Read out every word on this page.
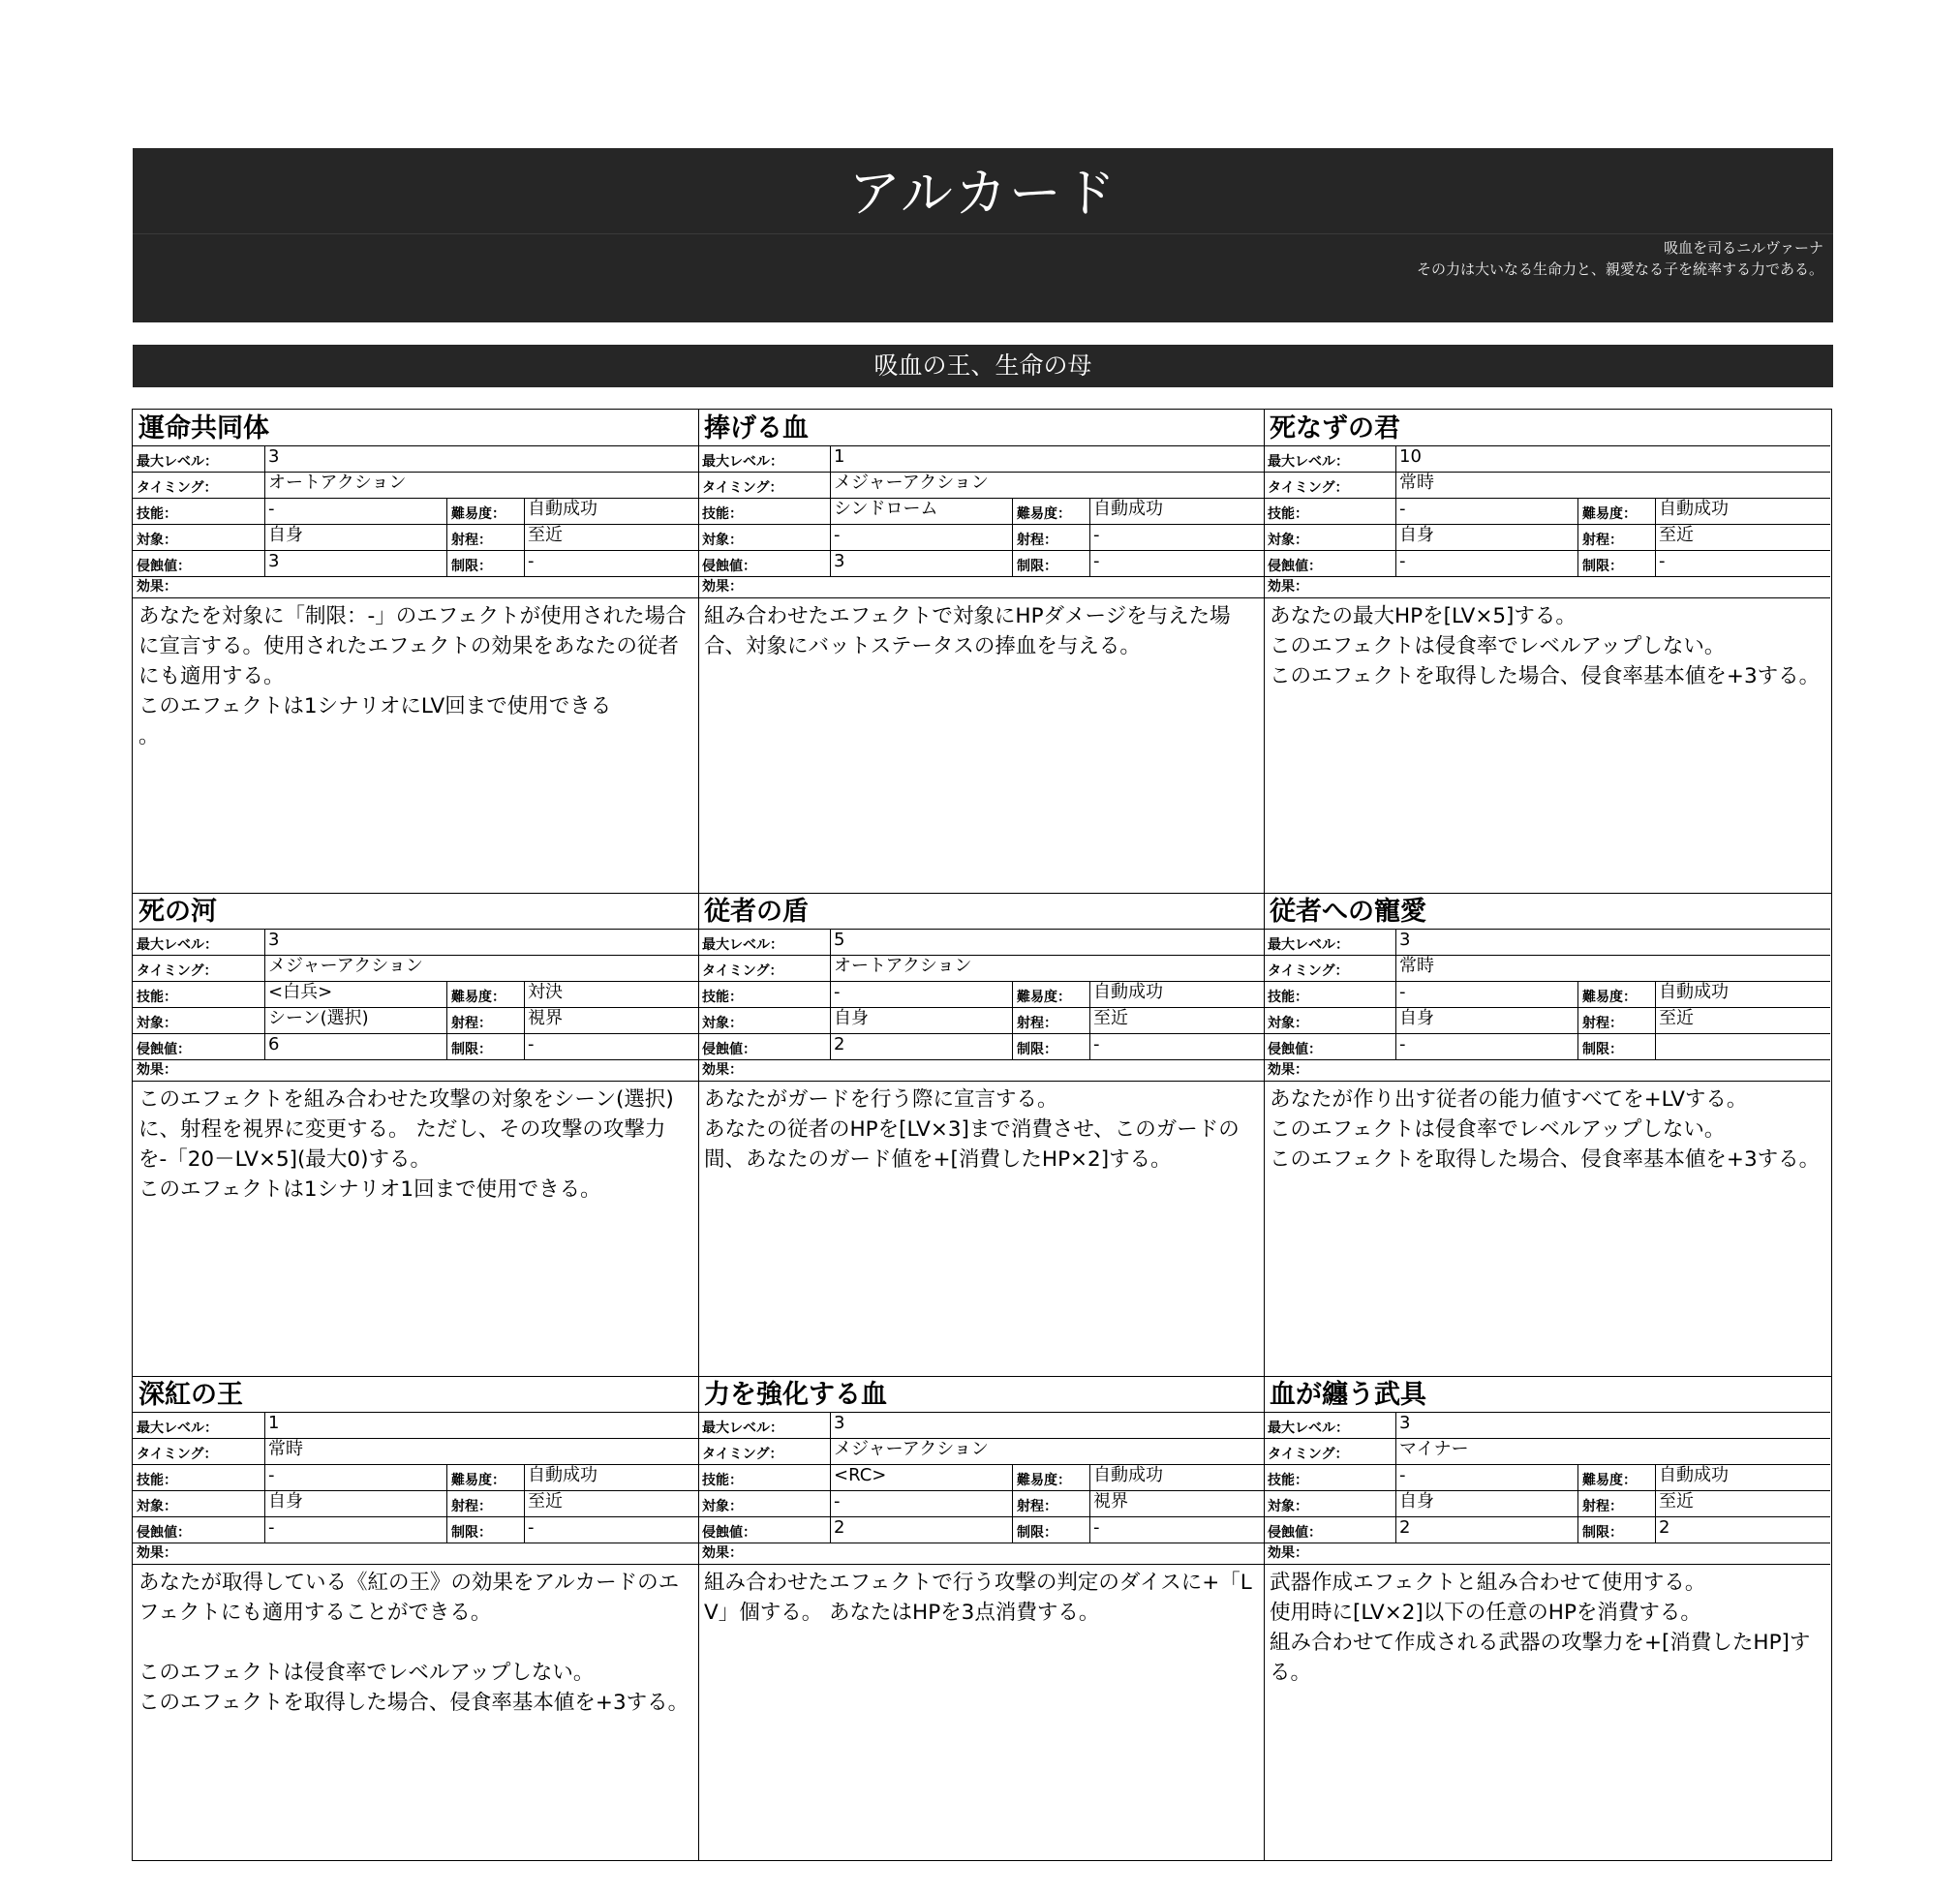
アルカード
吸血を司るニルヴァーナ
その力は大いなる生命力と、親愛なる子を統率する力である。
吸血の王、生命の母
運命共同体
最大レベル：	3
タイミング：	オートアクション
技能：	-	難易度：	自動成功
対象：	自身	射程：	至近
侵蝕値：	3	制限：	-
効果：
あなたを対象に「制限：-」のエフェクトが使用された場合に宣言する。使用されたエフェクトの効果をあなたの従者にも適用する。
このエフェクトは1シナリオにLV回まで使用できる
。
捧げる血
最大レベル：	1
タイミング：	メジャーアクション
技能：	シンドローム	難易度：	自動成功
対象：	-	射程：	-
侵蝕値：	3	制限：	-
効果：
組み合わせたエフェクトで対象にHPダメージを与えた場合、対象にバットステータスの捧血を与える。
死なずの君
最大レベル：	10
タイミング：	常時
技能：	-	難易度：	自動成功
対象：	自身	射程：	至近
侵蝕値：	-	制限：	-
効果：
あなたの最大HPを[LV×5]する。
このエフェクトは侵食率でレベルアップしない。
このエフェクトを取得した場合、侵食率基本値を+3する。
死の河
最大レベル：	3
タイミング：	メジャーアクション
技能：	<白兵>	難易度：	対決
対象：	シーン(選択)	射程：	視界
侵蝕値：	6	制限：	-
効果：
このエフェクトを組み合わせた攻撃の対象をシーン(選択)に、射程を視界に変更する。 ただし、その攻撃の攻撃力を-「20－LV×5](最大0)する。
このエフェクトは1シナリオ1回まで使用できる。
従者の盾
最大レベル：	5
タイミング：	オートアクション
技能：	-	難易度：	自動成功
対象：	自身	射程：	至近
侵蝕値：	2	制限：	-
効果：
あなたがガードを行う際に宣言する。
あなたの従者のHPを[LV×3]まで消費させ、このガードの間、あなたのガード値を+[消費したHP×2]する。
従者への寵愛
最大レベル：	3
タイミング：	常時
技能：	-	難易度：	自動成功
対象：	自身	射程：	至近
侵蝕値：	-	制限：
効果：
あなたが作り出す従者の能力値すべてを+LVする。
このエフェクトは侵食率でレベルアップしない。
このエフェクトを取得した場合、侵食率基本値を+3する。
深紅の王
最大レベル：	1
タイミング：	常時
技能：	-	難易度：	自動成功
対象：	自身	射程：	至近
侵蝕値：	-	制限：	-
効果：
あなたが取得している《紅の王》の効果をアルカードのエフェクトにも適用することができる。

このエフェクトは侵食率でレベルアップしない。
このエフェクトを取得した場合、侵食率基本値を+3する。
力を強化する血
最大レベル：	3
タイミング：	メジャーアクション
技能：	<RC>	難易度：	自動成功
対象：	-	射程：	視界
侵蝕値：	2	制限：	-
効果：
組み合わせたエフェクトで行う攻撃の判定のダイスに+「LV」個する。 あなたはHPを3点消費する。
血が纏う武具
最大レベル：	3
タイミング：	マイナー
技能：	-	難易度：	自動成功
対象：	自身	射程：	至近
侵蝕値：	2	制限：	2
効果：
武器作成エフェクトと組み合わせて使用する。
使用時に[LV×2]以下の任意のHPを消費する。
組み合わせて作成される武器の攻撃力を+[消費したHP]する。
